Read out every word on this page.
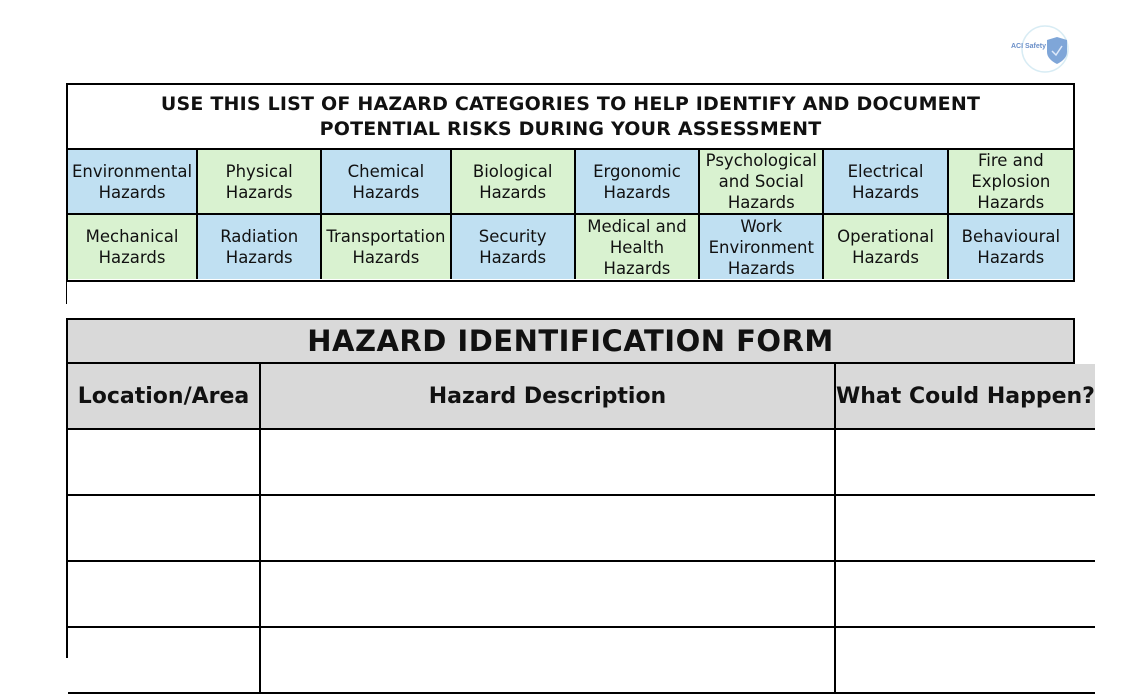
ACI Safety
USE THIS LIST OF HAZARD CATEGORIES TO HELP IDENTIFY AND DOCUMENT POTENTIAL RISKS DURING YOUR ASSESSMENT
Environmental Hazards
Physical Hazards
Chemical Hazards
Biological Hazards
Ergonomic Hazards
Psychological and Social Hazards
Electrical Hazards
Fire and Explosion Hazards
Mechanical Hazards
Radiation Hazards
Transportation Hazards
Security Hazards
Medical and Health Hazards
Work Environment Hazards
Operational Hazards
Behavioural Hazards
HAZARD IDENTIFICATION FORM
Location/Area	Hazard Description	What Could Happen?
